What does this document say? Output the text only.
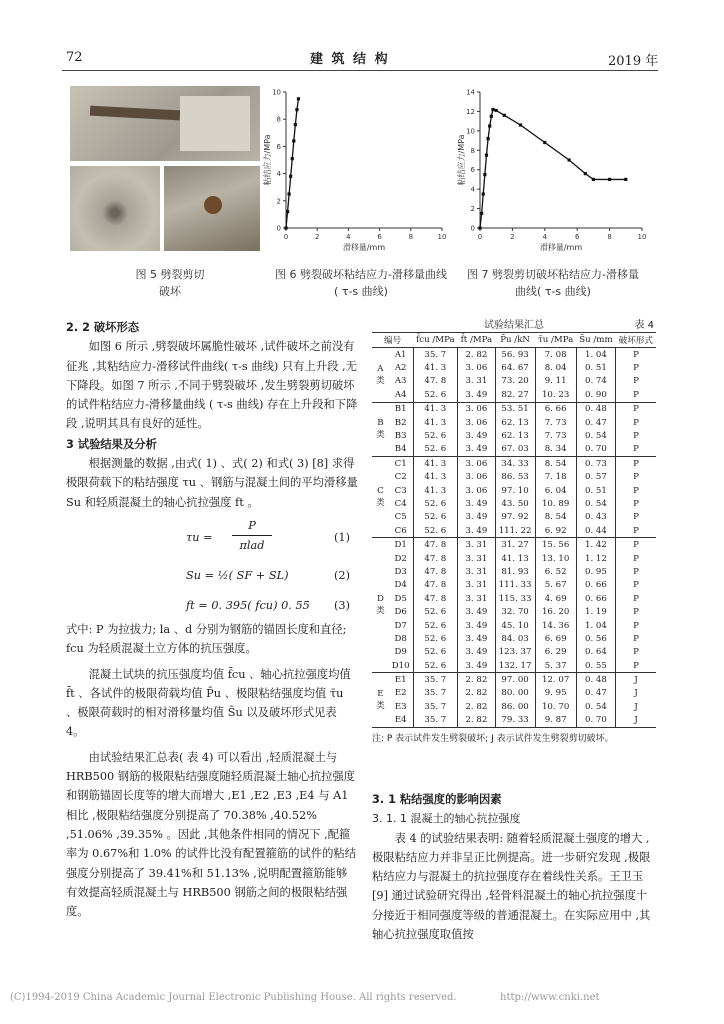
72	建 筑 结 构	2019 年
图 5 劈裂剪切
破坏
0	2	4	6	8	10
0
2
4
6
8
10
滑移量/mm
粘结应力/MPa
图 6 劈裂破坏粘结应力-滑移量曲线
( τ-s 曲线)
0	2	4	6	8	10
0
2
4
6
8
10
12
14
滑移量/mm
粘结应力/MPa
图 7 劈裂剪切破坏粘结应力-滑移量
曲线( τ-s 曲线)
2. 2 破坏形态

如图 6 所示 ,劈裂破坏属脆性破坏 ,试件破坏之前没有征兆 ,其粘结应力-滑移试件曲线( τ-s 曲线) 只有上升段 ,无下降段。如图 7 所示 ,不同于劈裂破坏 ,发生劈裂剪切破坏的试件粘结应力-滑移量曲线 ( τ-s 曲线) 存在上升段和下降段 ,说明其具有良好的延性。

3 试验结果及分析

根据测量的数据 ,由式( 1) 、式( 2) 和式( 3) [8] 求得极限荷载下的粘结强度 τu 、钢筋与混凝土间的平均滑移量 Su 和轻质混凝土的轴心抗拉强度 ft 。

τu =
P
πlad
(1)
Su = ½( SF + SL)	(2)
ft = 0. 395( fcu) 0. 55 (3)

式中: P 为拉拔力; la 、d 分别为钢筋的锚固长度和直径; fcu 为轻质混凝土立方体的抗压强度。

混凝土试块的抗压强度均值 f̄cu 、轴心抗拉强度均值 f̄t 、各试件的极限荷载均值 P̄u 、极限粘结强度均值 τ̄u 、极限荷载时的相对滑移量均值 S̄u 以及破坏形式见表 4。

由试验结果汇总表( 表 4) 可以看出 ,轻质混凝土与 HRB500 钢筋的极限粘结强度随轻质混凝土轴心抗拉强度和钢筋锚固长度等的增大而增大 ,E1 ,E2 ,E3 ,E4 与 A1 相比 ,极限粘结强度分别提高了 70.38% ,40.52% ,51.06% ,39.35% 。因此 ,其他条件相同的情况下 ,配箍率为 0.67%和 1.0% 的试件比没有配置箍筋的试件的粘结强度分别提高了 39.41%和 51.13% ,说明配置箍筋能够有效提高轻质混凝土与 HRB500 钢筋之间的极限粘结强度。

试验结果汇总	表 4
编号		f̄cu /MPa	f̄t /MPa	P̄u /kN	τ̄u /MPa	S̄u /mm	破坏形式
A 类	A1	35. 7	2. 82	56. 93	7. 08	1. 04	P
	A2	41. 3	3. 06	64. 67	8. 04	0. 51	P
	A3	47. 8	3. 31	73. 20	9. 11	0. 74	P
	A4	52. 6	3. 49	82. 27	10. 23	0. 90	P
B 类	B1	41. 3	3. 06	53. 51	6. 66	0. 48	P
	B2	41. 3	3. 06	62. 13	7. 73	0. 47	P
	B3	52. 6	3. 49	62. 13	7. 73	0. 54	P
	B4	52. 6	3. 49	67. 03	8. 34	0. 70	P
C 类	C1	41. 3	3. 06	34. 33	8. 54	0. 73	P
	C2	41. 3	3. 06	86. 53	7. 18	0. 57	P
	C3	41. 3	3. 06	97. 10	6. 04	0. 51	P
	C4	52. 6	3. 49	43. 50	10. 89	0. 54	P
	C5	52. 6	3. 49	97. 92	8. 54	0. 43	P
	C6	52. 6	3. 49	111. 22	6. 92	0. 44	P
D 类	D1	47. 8	3. 31	31. 27	15. 56	1. 42	P
	D2	47. 8	3. 31	41. 13	13. 10	1. 12	P
	D3	47. 8	3. 31	81. 93	6. 52	0. 95	P
	D4	47. 8	3. 31	111. 33	5. 67	0. 66	P
	D5	47. 8	3. 31	115. 33	4. 69	0. 66	P
	D6	52. 6	3. 49	32. 70	16. 20	1. 19	P
	D7	52. 6	3. 49	45. 10	14. 36	1. 04	P
	D8	52. 6	3. 49	84. 03	6. 69	0. 56	P
	D9	52. 6	3. 49	123. 37	6. 29	0. 64	P
	D10	52. 6	3. 49	132. 17	5. 37	0. 55	P
E 类	E1	35. 7	2. 82	97. 00	12. 07	0. 48	J
	E2	35. 7	2. 82	80. 00	9. 95	0. 47	J
	E3	35. 7	2. 82	86. 00	10. 70	0. 54	J
	E4	35. 7	2. 82	79. 33	9. 87	0. 70	J
注: P 表示试件发生劈裂破坏; J 表示试件发生劈裂剪切破坏。
3. 1 粘结强度的影响因素
3. 1. 1 混凝土的轴心抗拉强度

表 4 的试验结果表明: 随着轻质混凝土强度的增大 ,极限粘结应力并非呈正比例提高。进一步研究发现 ,极限粘结应力与混凝土的抗拉强度存在着线性关系。王卫玉[9] 通过试验研究得出 ,轻骨料混凝土的轴心抗拉强度十分接近于相同强度等级的普通混凝土。在实际应用中 ,其轴心抗拉强度取值按

(C)1994-2019 China Academic Journal Electronic Publishing House. All rights reserved.	http://www.cnki.net
